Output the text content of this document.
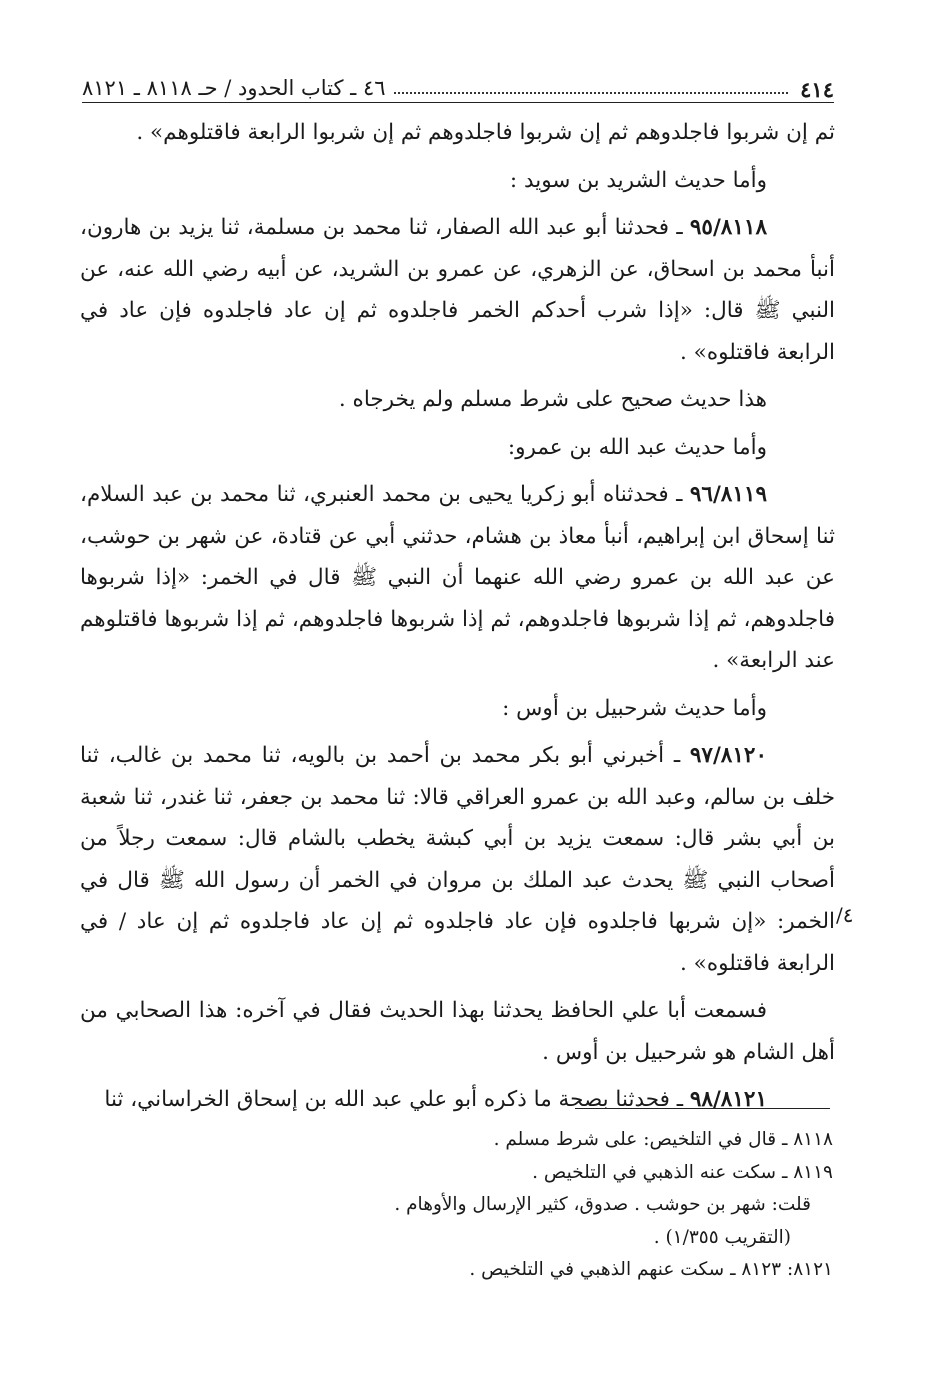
٤١٤
٤٦ ـ كتاب الحدود / حـ ٨١١٨ ـ ٨١٢١

ثم إن شربوا فاجلدوهم ثم إن شربوا فاجلدوهم ثم إن شربوا الرابعة فاقتلوهم» .

وأما حديث الشريد بن سويد :

٩٥/٨١١٨ ـ فحدثنا أبو عبد الله الصفار، ثنا محمد بن مسلمة، ثنا يزيد بن هارون، أنبأ محمد بن اسحاق، عن الزهري، عن عمرو بن الشريد، عن أبيه رضي الله عنه، عن النبي ﷺ قال: «إذا شرب أحدكم الخمر فاجلدوه ثم إن عاد فاجلدوه فإن عاد في الرابعة فاقتلوه» .

هذا حديث صحيح على شرط مسلم ولم يخرجاه .

وأما حديث عبد الله بن عمرو:

٩٦/٨١١٩ ـ فحدثناه أبو زكريا يحيى بن محمد العنبري، ثنا محمد بن عبد السلام، ثنا إسحاق ابن إبراهيم، أنبأ معاذ بن هشام، حدثني أبي عن قتادة، عن شهر بن حوشب، عن عبد الله بن عمرو رضي الله عنهما أن النبي ﷺ قال في الخمر: «إذا شربوها فاجلدوهم، ثم إذا شربوها فاجلدوهم، ثم إذا شربوها فاجلدوهم، ثم إذا شربوها فاقتلوهم عند الرابعة» .

وأما حديث شرحبيل بن أوس :

٩٧/٨١٢٠ ـ أخبرني أبو بكر محمد بن أحمد بن بالويه، ثنا محمد بن غالب، ثنا خلف بن سالم، وعبد الله بن عمرو العراقي قالا: ثنا محمد بن جعفر، ثنا غندر، ثنا شعبة بن أبي بشر قال: سمعت يزيد بن أبي كبشة يخطب بالشام قال: سمعت رجلاً من أصحاب النبي ﷺ يحدث عبد الملك بن مروان في الخمر أن رسول الله ﷺ قال في الخمر: «إن شربها فاجلدوه فإن عاد فاجلدوه ثم إن عاد فاجلدوه ثم إن عاد / في الرابعة فاقتلوه» .

فسمعت أبا علي الحافظ يحدثنا بهذا الحديث فقال في آخره: هذا الصحابي من أهل الشام هو شرحبيل بن أوس .

٩٨/٨١٢١ ـ فحدثنا بصحة ما ذكره أبو علي عبد الله بن إسحاق الخراساني، ثنا

٤/
٨١١٨ ـ قال في التلخيص: على شرط مسلم .
٨١١٩ ـ سكت عنه الذهبي في التلخيص .
قلت: شهر بن حوشب . صدوق، كثير الإرسال والأوهام .
(التقريب ١/٣٥٥) .
٨١٢١: ٨١٢٣ ـ سكت عنهم الذهبي في التلخيص .
